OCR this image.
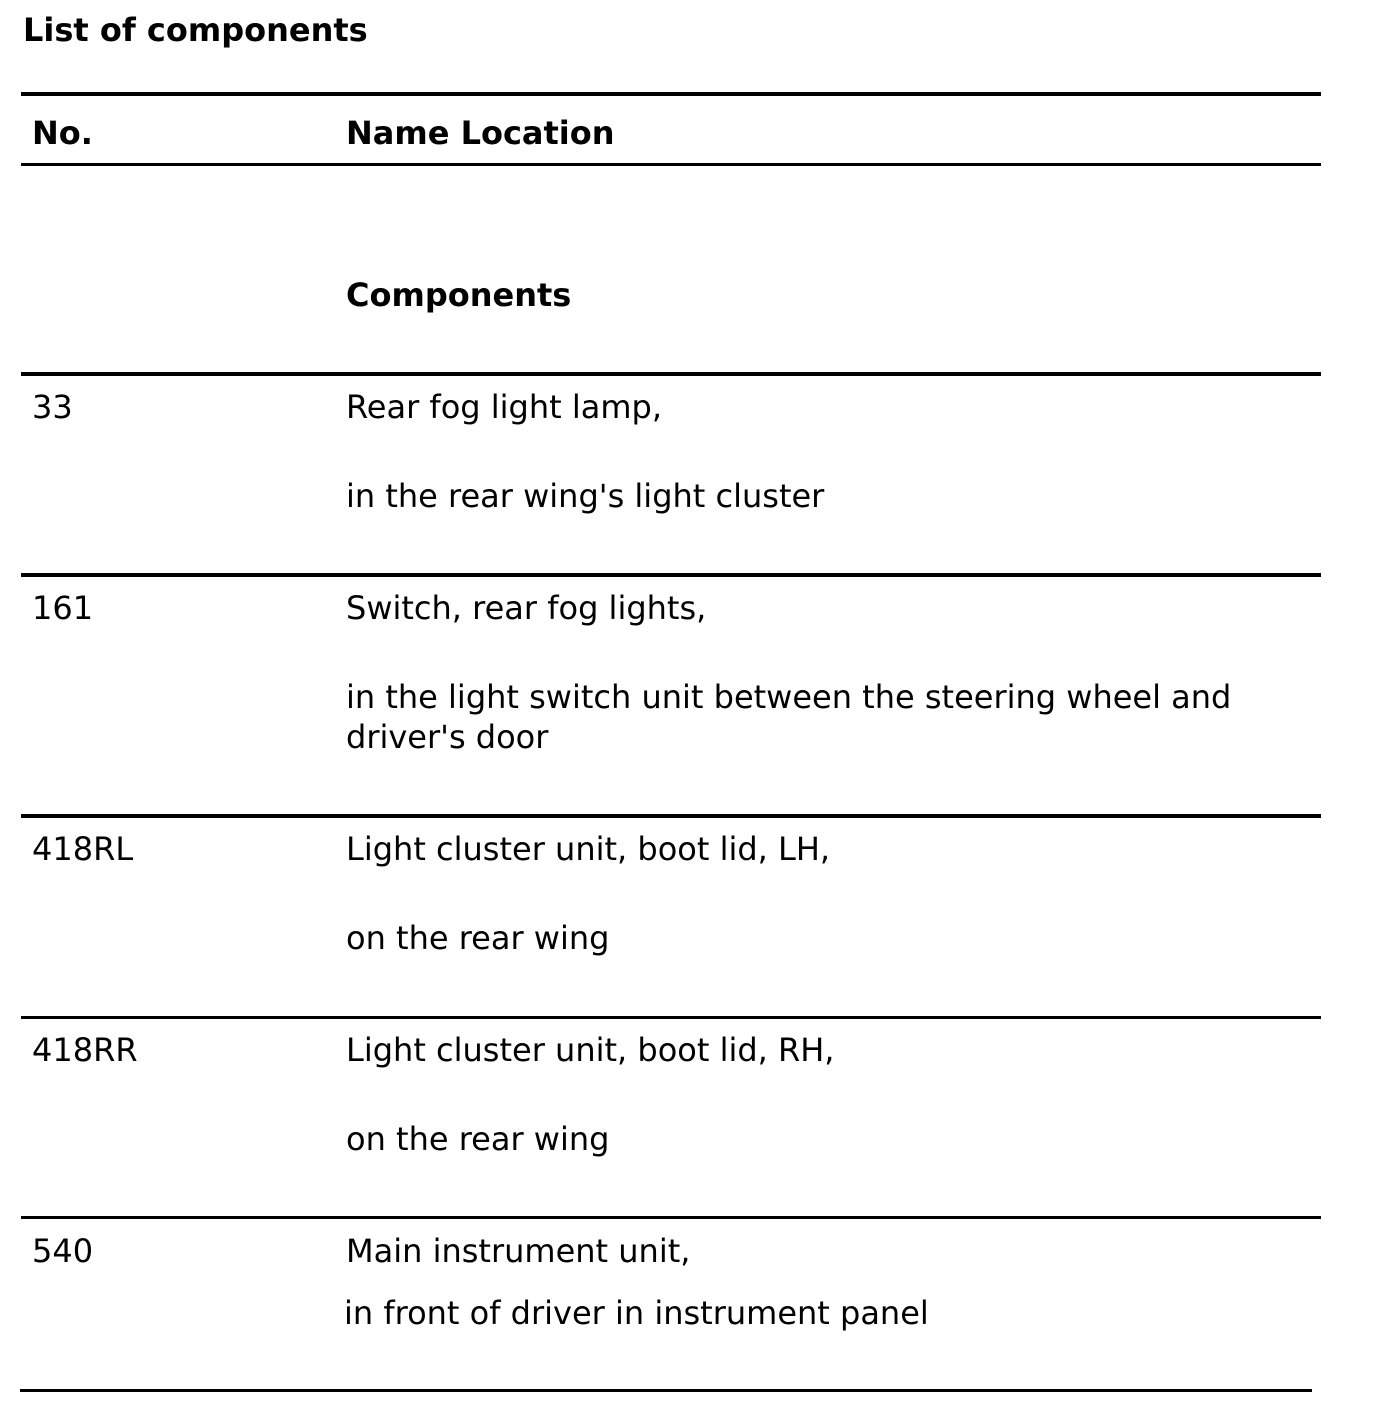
List of components
No.	Name Location
Components
33	Rear fog light lamp,
in the rear wing's light cluster
161	Switch, rear fog lights,
in the light switch unit between the steering wheel and driver's door
418RL	Light cluster unit, boot lid, LH,
on the rear wing
418RR	Light cluster unit, boot lid, RH,
on the rear wing
540	Main instrument unit,
in front of driver in instrument panel
